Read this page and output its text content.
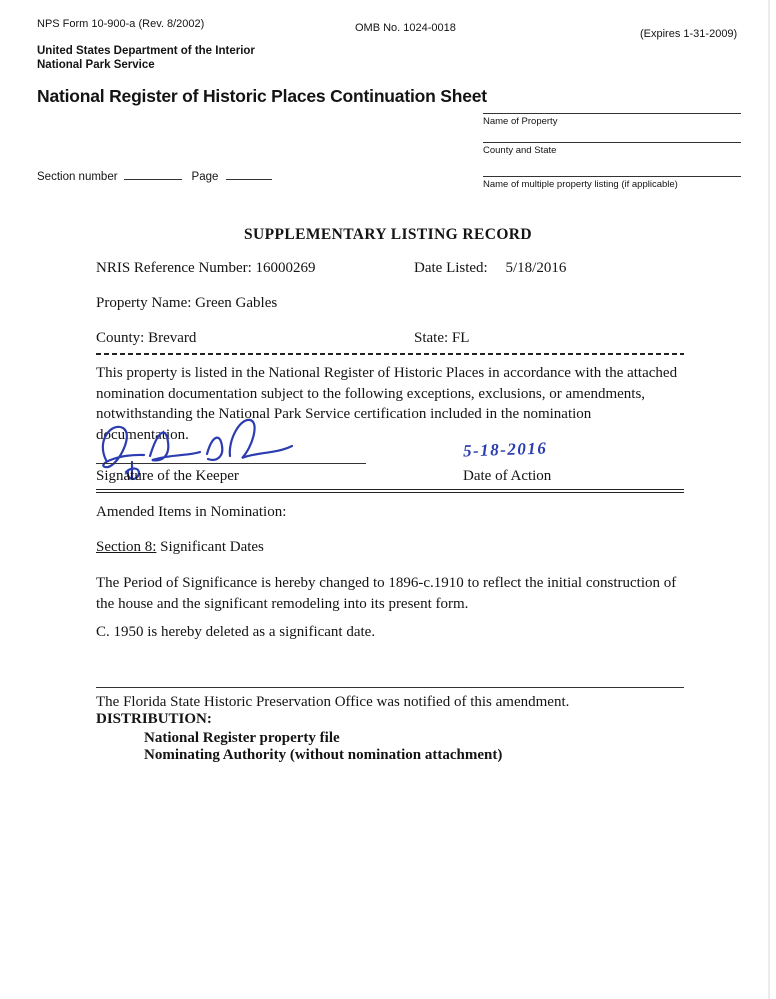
NPS Form 10-900-a (Rev. 8/2002)	OMB No. 1024-0018	(Expires 1-31-2009)
United States Department of the Interior
National Park Service
National Register of Historic Places Continuation Sheet
Name of Property
County and State
Name of multiple property listing (if applicable)
Section number	Page
SUPPLEMENTARY LISTING RECORD
NRIS Reference Number: 16000269	Date Listed: 5/18/2016
Property Name: Green Gables
County: Brevard	State: FL
This property is listed in the National Register of Historic Places in accordance with the attached nomination documentation subject to the following exceptions, exclusions, or amendments, notwithstanding the National Park Service certification included in the nomination documentation.
Signature of the Keeper
5-18-2016
Date of Action
Amended Items in Nomination:
Section 8: Significant Dates
The Period of Significance is hereby changed to 1896-c.1910 to reflect the initial construction of the house and the significant remodeling into its present form.
C. 1950 is hereby deleted as a significant date.
The Florida State Historic Preservation Office was notified of this amendment.
DISTRIBUTION:
National Register property file
Nominating Authority (without nomination attachment)
